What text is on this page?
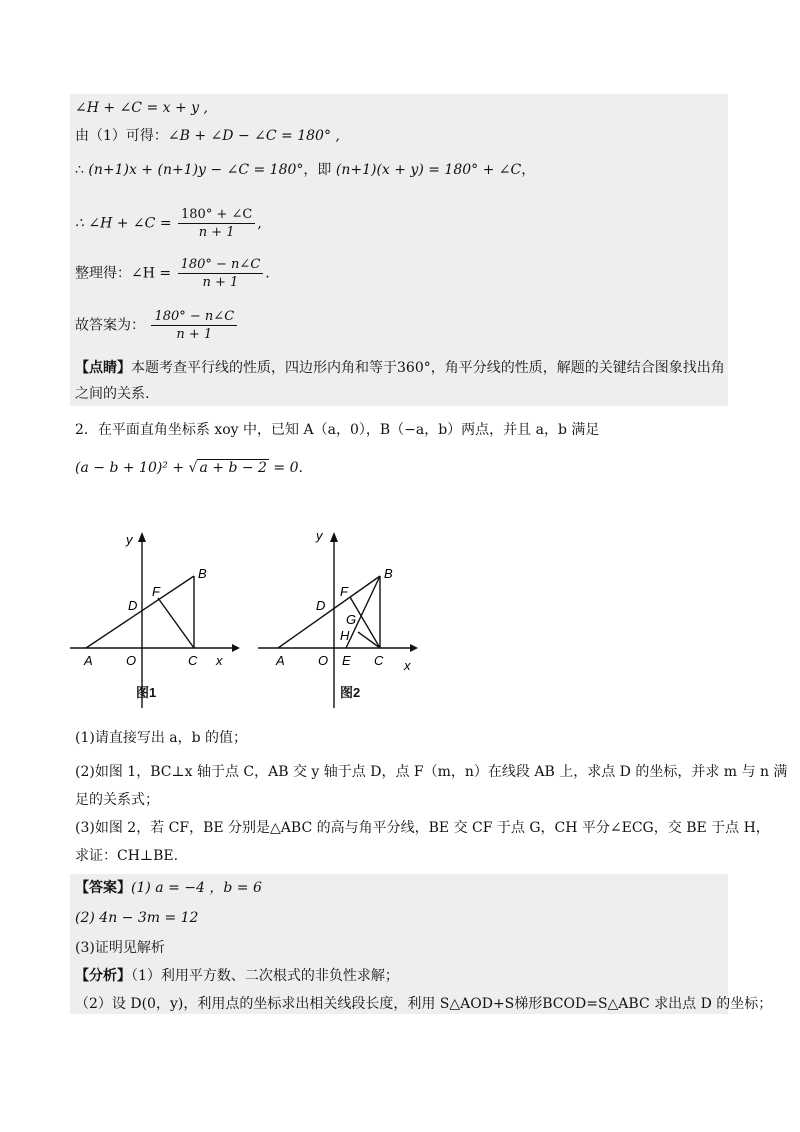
∠H + ∠C = x + y ,
由（1）可得：∠B + ∠D − ∠C = 180° ,
∴ (n+1)x + (n+1)y − ∠C = 180°，即 (n+1)(x + y) = 180° + ∠C，
∴ ∠H + ∠C = $\frac{180^\circ + \angle C}{n + 1}$ ,
整理得：∠H = $\frac{180^\circ - n\angle C}{n + 1}$ .
故答案为： $\frac{180^\circ - n\angle C}{n + 1}$
【点睛】本题考查平行线的性质，四边形内角和等于360°，角平分线的性质，解题的关键结合图象找出角
之间的关系.
2．在平面直角坐标系 xoy 中，已知 A（a，0），B（−a，b）两点，并且 a，b 满足
(a − b + 10)² + √ a + b − 2 = 0.
A	O	C x
y
B
D
F
图1
A	O E C x
y
B
D
F
G
H
图2
(1)请直接写出 a，b 的值；
(2)如图 1，BC⊥x 轴于点 C，AB 交 y 轴于点 D，点 F（m，n）在线段 AB 上，求点 D 的坐标，并求 m 与 n 满
足的关系式；
(3)如图 2，若 CF，BE 分别是△ABC 的高与角平分线，BE 交 CF 于点 G，CH 平分∠ECG，交 BE 于点 H，
求证：CH⊥BE.
【答案】(1) a = −4 ，b = 6
(2) 4n − 3m = 12
(3)证明见解析
【分析】（1）利用平方数、二次根式的非负性求解；
（2）设 D(0，y)，利用点的坐标求出相关线段长度，利用 S△AOD+S梯形BCOD=S△ABC 求出点 D 的坐标；
